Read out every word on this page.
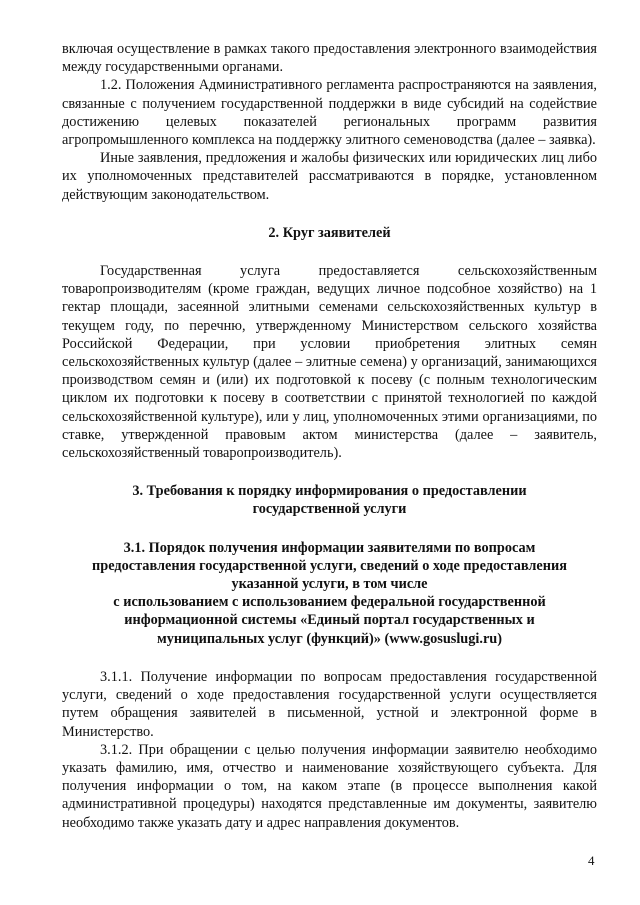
включая осуществление в рамках такого предоставления электронного взаимодействия между государственными органами.

1.2. Положения Административного регламента распространяются на заявления, связанные с получением государственной поддержки в виде субсидий на содействие достижению целевых показателей региональных программ развития агропромышленного комплекса на поддержку элитного семеноводства (далее – заявка).

Иные заявления, предложения и жалобы физических или юридических лиц либо их уполномоченных представителей рассматриваются в порядке, установленном действующим законодательством.

2. Круг заявителей

Государственная услуга предоставляется сельскохозяйственным товаропроизводителям (кроме граждан, ведущих личное подсобное хозяйство) на 1 гектар площади, засеянной элитными семенами сельскохозяйственных культур в текущем году, по перечню, утвержденному Министерством сельского хозяйства Российской Федерации, при условии приобретения элитных семян сельскохозяйственных культур (далее – элитные семена) у организаций, занимающихся производством семян и (или) их подготовкой к посеву (с полным технологическим циклом их подготовки к посеву в соответствии с принятой технологией по каждой сельскохозяйственной культуре), или у лиц, уполномоченных этими организациями, по ставке, утвержденной правовым актом министерства (далее – заявитель, сельскохозяйственный товаропроизводитель).

3. Требования к порядку информирования о предоставлении
государственной услуги
3.1. Порядок получения информации заявителями по вопросам
предоставления государственной услуги, сведений о ходе предоставления
указанной услуги, в том числе
с использованием с использованием федеральной государственной
информационной системы «Единый портал государственных и
муниципальных услуг (функций)» (www.gosuslugi.ru)

3.1.1. Получение информации по вопросам предоставления государственной услуги, сведений о ходе предоставления государственной услуги осуществляется путем обращения заявителей в письменной, устной и электронной форме в Министерство.

3.1.2. При обращении с целью получения информации заявителю необходимо указать фамилию, имя, отчество и наименование хозяйствующего субъекта. Для получения информации о том, на каком этапе (в процессе выполнения какой административной процедуры) находятся представленные им документы, заявителю необходимо также указать дату и адрес направления документов.

4
